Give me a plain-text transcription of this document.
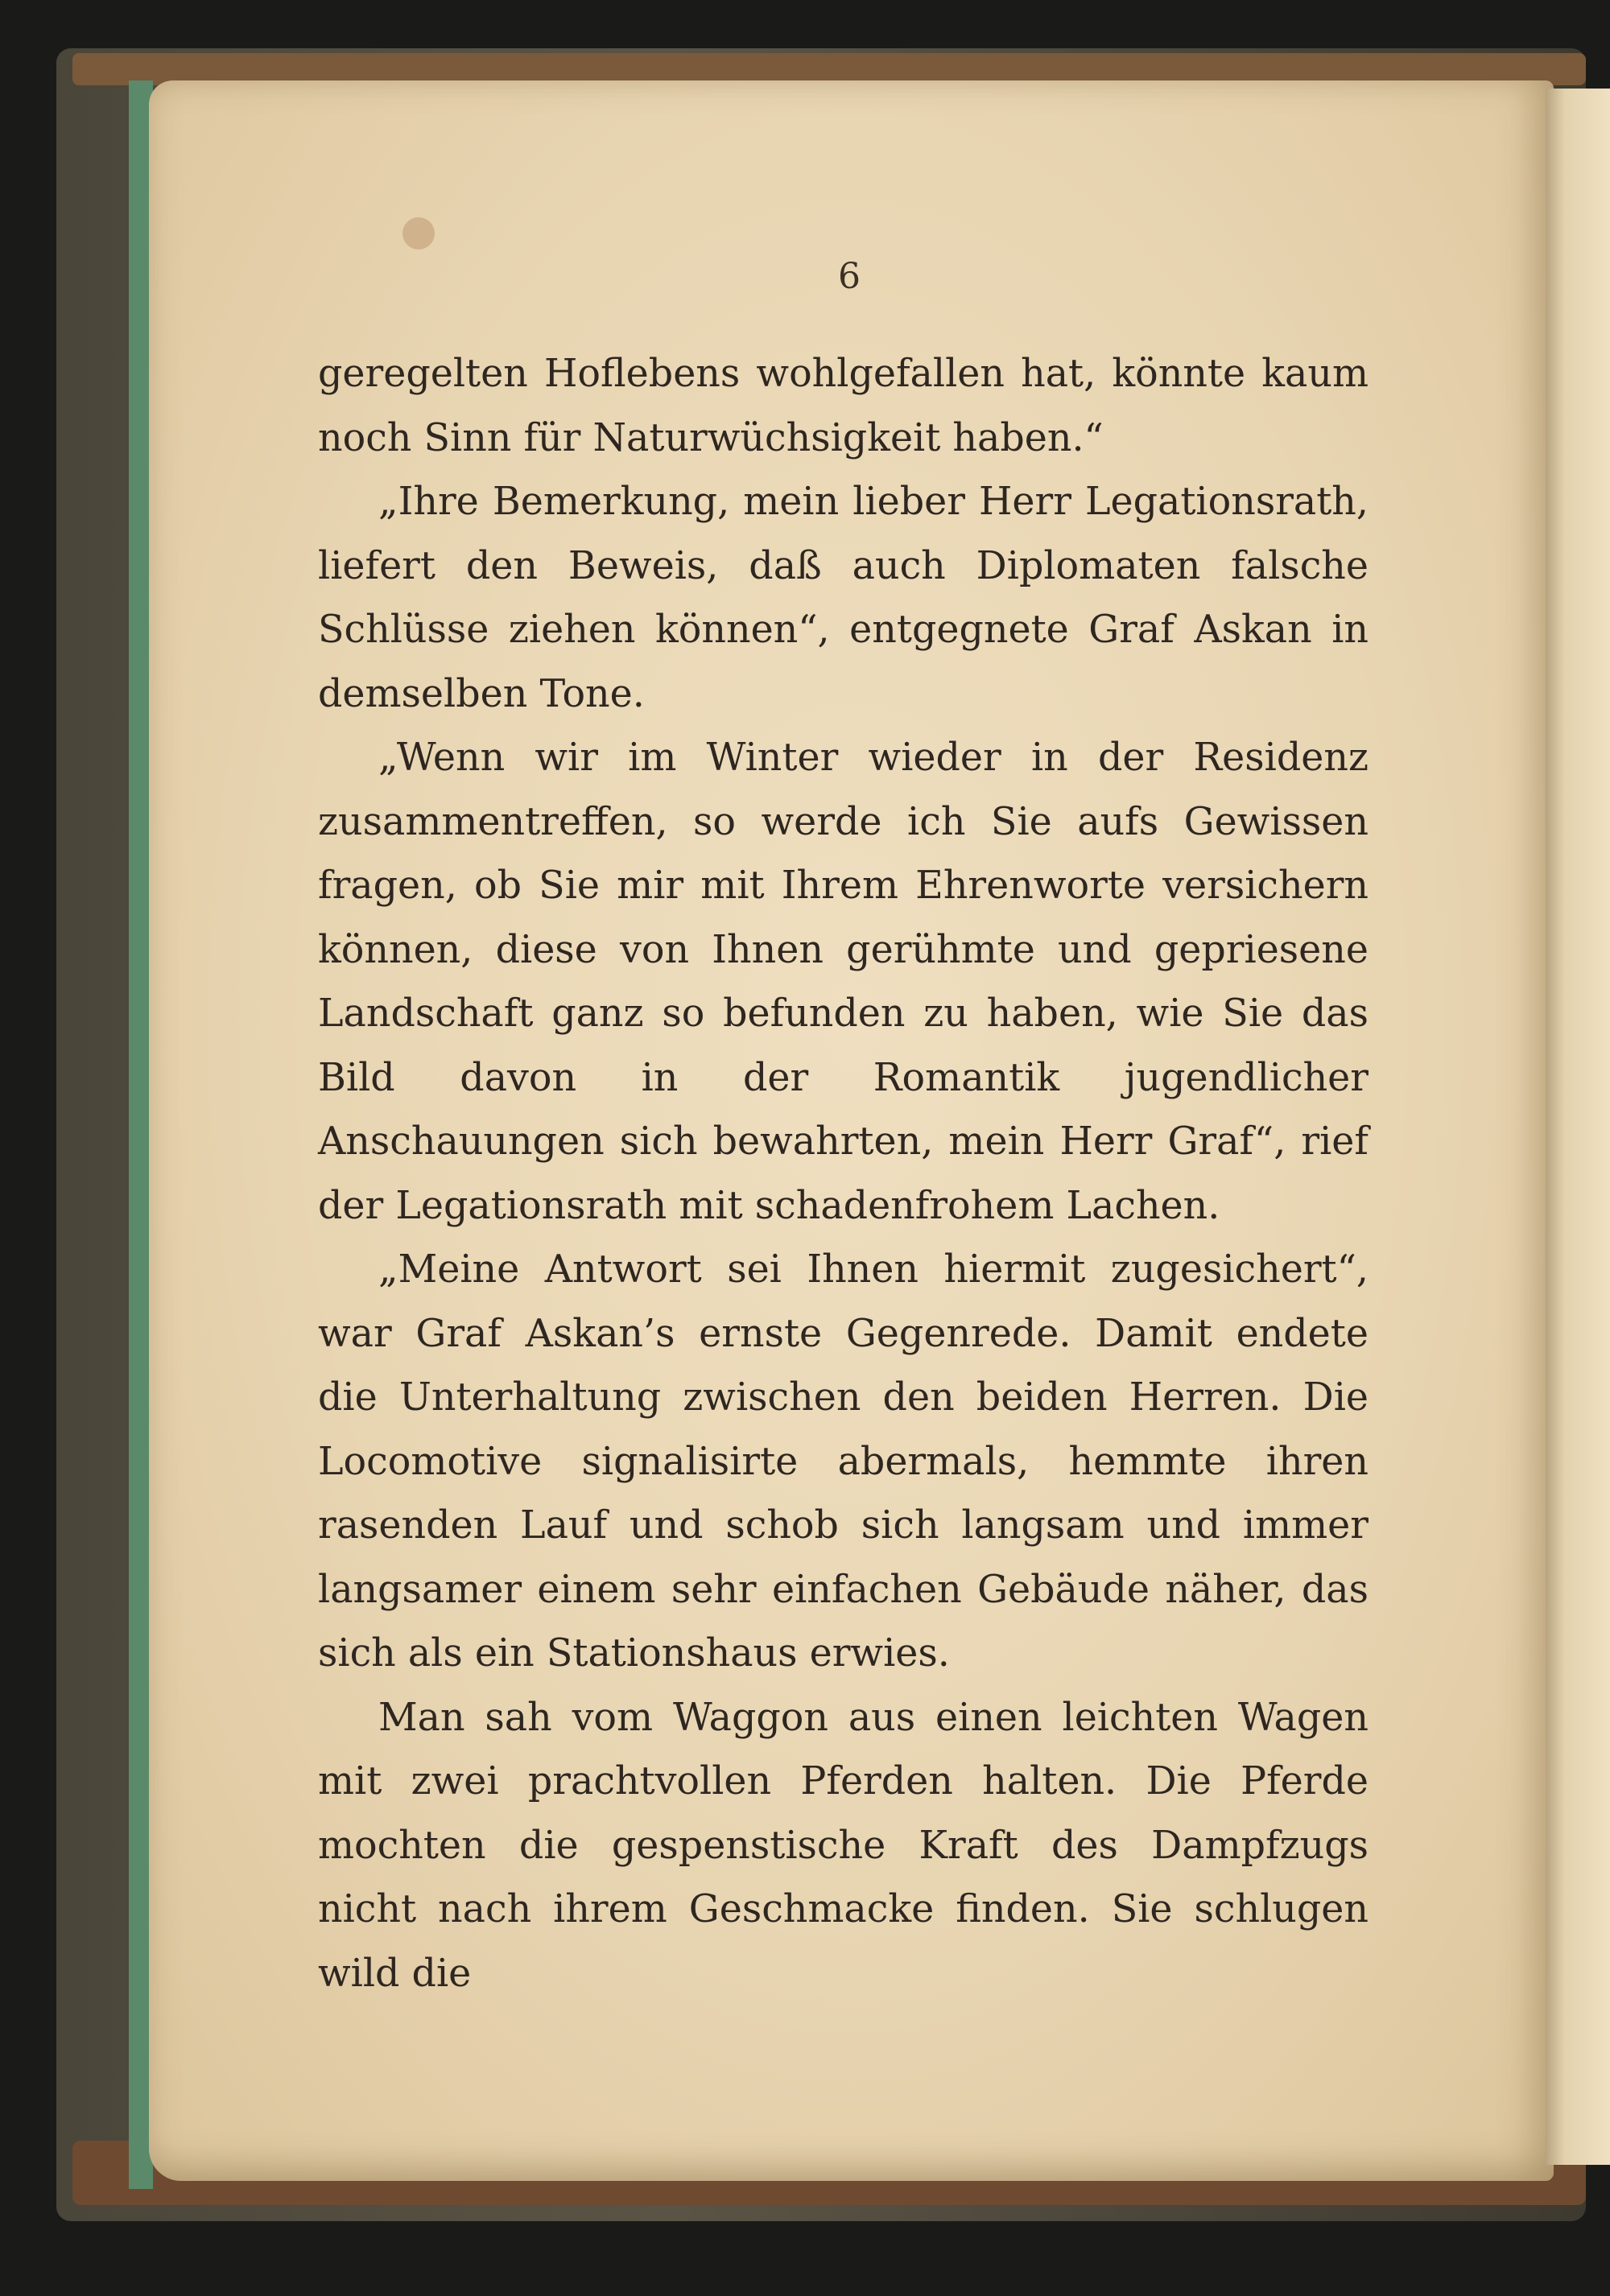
6

geregelten Hoflebens wohlgefallen hat, könnte kaum noch Sinn für Naturwüchsigkeit haben.“

„Ihre Bemerkung, mein lieber Herr Legationsrath, liefert den Beweis, daß auch Diplomaten falsche Schlüsse ziehen können“, entgegnete Graf Askan in demselben Tone.

„Wenn wir im Winter wieder in der Residenz zusammentreffen, so werde ich Sie aufs Gewissen fragen, ob Sie mir mit Ihrem Ehrenworte versichern können, diese von Ihnen gerühmte und gepriesene Landschaft ganz so befunden zu haben, wie Sie das Bild davon in der Romantik jugendlicher Anschauungen sich bewahrten, mein Herr Graf“, rief der Legationsrath mit schadenfrohem Lachen.

„Meine Antwort sei Ihnen hiermit zugesichert“, war Graf Askan’s ernste Gegenrede. Damit endete die Unterhaltung zwischen den beiden Herren. Die Locomotive signalisirte abermals, hemmte ihren rasenden Lauf und schob sich langsam und immer langsamer einem sehr einfachen Gebäude näher, das sich als ein Stationshaus erwies.

Man sah vom Waggon aus einen leichten Wagen mit zwei prachtvollen Pferden halten. Die Pferde mochten die gespenstische Kraft des Dampfzugs nicht nach ihrem Geschmacke finden. Sie schlugen wild die
